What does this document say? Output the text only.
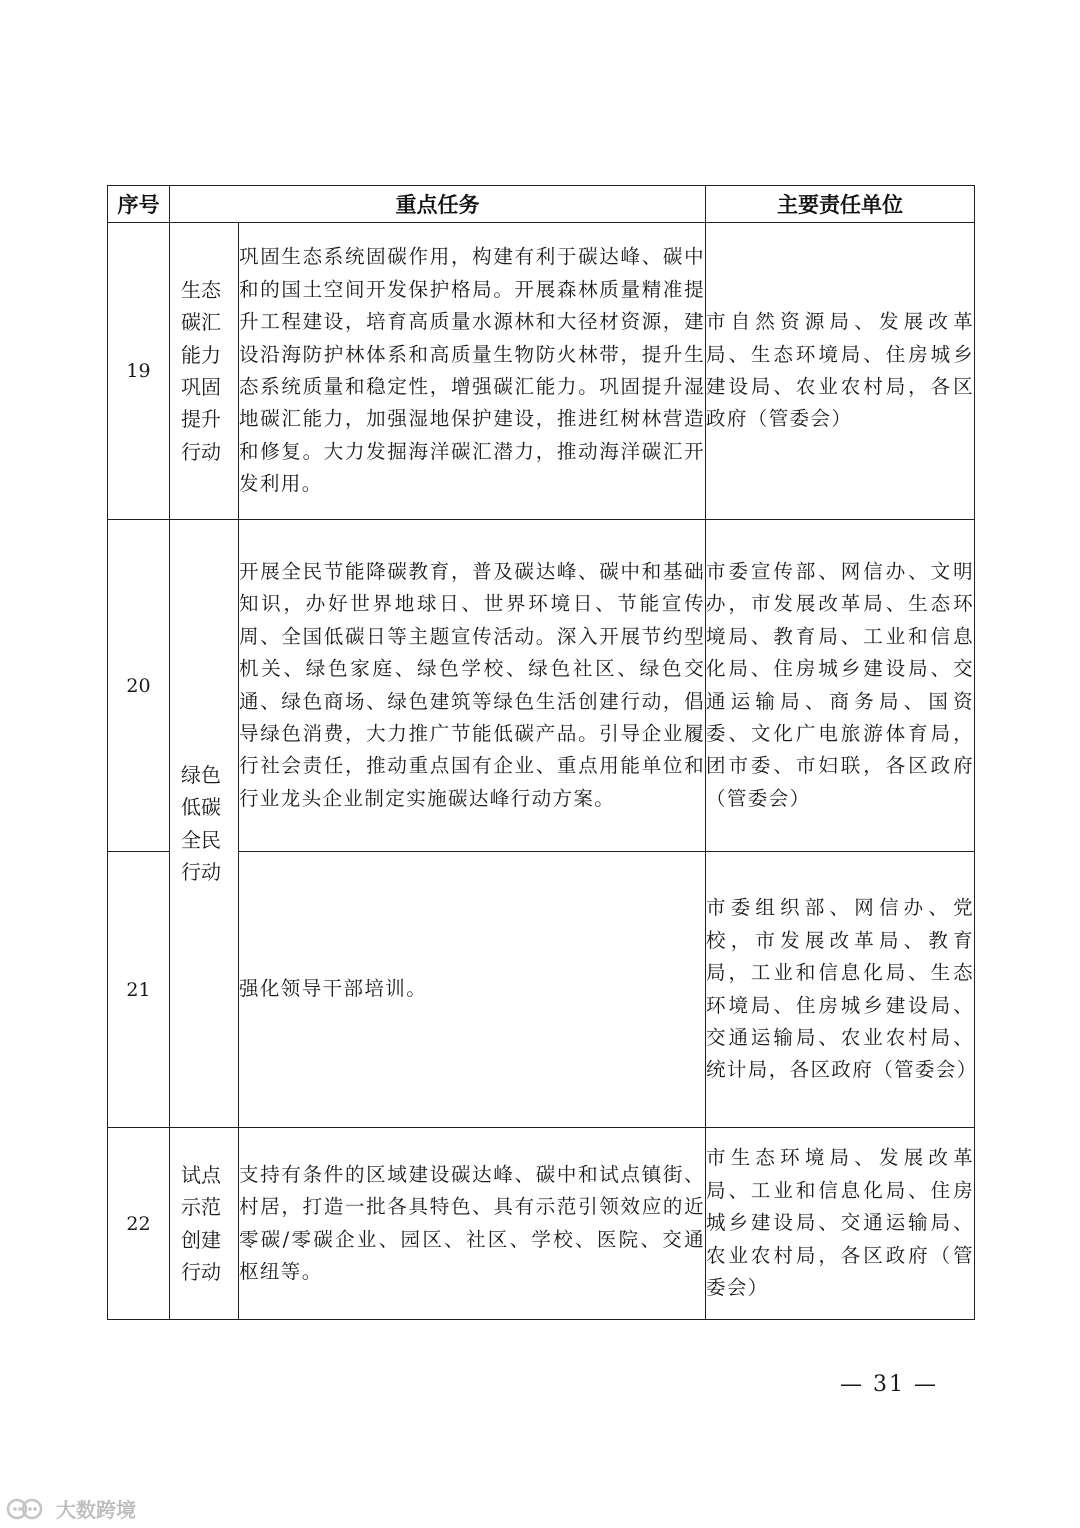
序号	重点任务		主要责任单位
19	生态碳汇能力巩固提升行动	巩固生态系统固碳作用，构建有利于碳达峰、碳中和的国土空间开发保护格局。开展森林质量精准提升工程建设，培育高质量水源林和大径材资源，建设沿海防护林体系和高质量生物防火林带，提升生态系统质量和稳定性，增强碳汇能力。巩固提升湿地碳汇能力，加强湿地保护建设，推进红树林营造和修复。大力发掘海洋碳汇潜力，推动海洋碳汇开发利用。	市自然资源局、发展改革局、生态环境局、住房城乡建设局、农业农村局，各区政府（管委会）
20	绿色低碳全民行动	开展全民节能降碳教育，普及碳达峰、碳中和基础知识，办好世界地球日、世界环境日、节能宣传周、全国低碳日等主题宣传活动。深入开展节约型机关、绿色家庭、绿色学校、绿色社区、绿色交通、绿色商场、绿色建筑等绿色生活创建行动，倡导绿色消费，大力推广节能低碳产品。引导企业履行社会责任，推动重点国有企业、重点用能单位和行业龙头企业制定实施碳达峰行动方案。	市委宣传部、网信办、文明办，市发展改革局、生态环境局、教育局、工业和信息化局、住房城乡建设局、交通运输局、商务局、国资委、文化广电旅游体育局，团市委、市妇联，各区政府（管委会）
21		强化领导干部培训。	市委组织部、网信办、党校，市发展改革局、教育局，工业和信息化局、生态环境局、住房城乡建设局、交通运输局、农业农村局、统计局，各区政府（管委会）
22	试点示范创建行动	支持有条件的区域建设碳达峰、碳中和试点镇街、村居，打造一批各具特色、具有示范引领效应的近零碳/零碳企业、园区、社区、学校、医院、交通枢纽等。	市生态环境局、发展改革局、工业和信息化局、住房城乡建设局、交通运输局、农业农村局，各区政府（管委会）
— 31 —
大数跨境
